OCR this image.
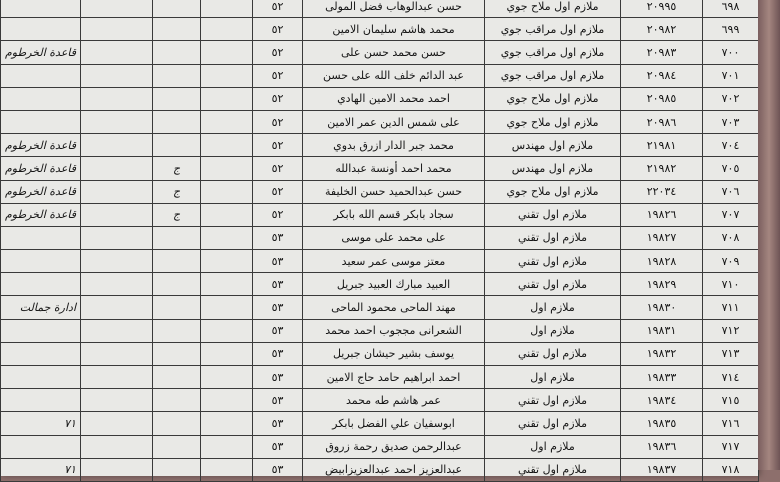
٦٩٨	٢٠٩٩٥	ملازم اول ملاح جوي	حسن عبدالوهاب فضل المولى	٥٢				
٦٩٩	٢٠٩٨٢	ملازم اول مراقب جوي	محمد هاشم سليمان الامين	٥٢				
٧٠٠	٢٠٩٨٣	ملازم اول مراقب جوي	حسن محمد حسن على	٥٢				قاعدة الخرطوم
٧٠١	٢٠٩٨٤	ملازم اول مراقب جوي	عبد الدائم خلف الله على حسن	٥٢				
٧٠٢	٢٠٩٨٥	ملازم اول ملاح جوي	احمد محمد الامين الهادي	٥٢				
٧٠٣	٢٠٩٨٦	ملازم اول ملاح جوي	على شمس الدين عمر الامين	٥٢				
٧٠٤	٢١٩٨١	ملازم اول مهندس	محمد جبر الدار ازرق بدوي	٥٢				قاعدة الخرطوم
٧٠٥	٢١٩٨٢	ملازم اول مهندس	محمد احمد أونسة عبدالله	٥٢		ج		قاعدة الخرطوم
٧٠٦	٢٢٠٣٤	ملازم اول ملاح جوي	حسن عبدالحميد حسن الخليفة	٥٢		ج		قاعدة الخرطوم
٧٠٧	١٩٨٢٦	ملازم اول تقني	سجاد بابكر قسم الله بابكر	٥٢		ج		قاعدة الخرطوم
٧٠٨	١٩٨٢٧	ملازم اول تقني	على محمد على موسى	٥٣				
٧٠٩	١٩٨٢٨	ملازم اول تقني	معتز موسى عمر سعيد	٥٣				
٧١٠	١٩٨٢٩	ملازم اول تقني	العبيد مبارك العبيد جبريل	٥٣				
٧١١	١٩٨٣٠	ملازم اول	مهند الماحى محمود الماحى	٥٣				ادارة جمالت
٧١٢	١٩٨٣١	ملازم اول	الشعرانى مججوب احمد محمد	٥٣				
٧١٣	١٩٨٣٢	ملازم اول تقني	يوسف بشير حيشان جبريل	٥٣				
٧١٤	١٩٨٣٣	ملازم اول	احمد ابراهيم حامد حاج الامين	٥٣				
٧١٥	١٩٨٣٤	ملازم اول تقني	عمر هاشم طه محمد	٥٣				
٧١٦	١٩٨٣٥	ملازم اول تقني	ابوسفيان علي الفضل بابكر	٥٣				٧١
٧١٧	١٩٨٣٦	ملازم اول	عبدالرحمن صديق رحمة زروق	٥٣				
٧١٨	١٩٨٣٧	ملازم اول تقني	عبدالعزيز احمد عبدالعزيزابيض	٥٣				٧١
